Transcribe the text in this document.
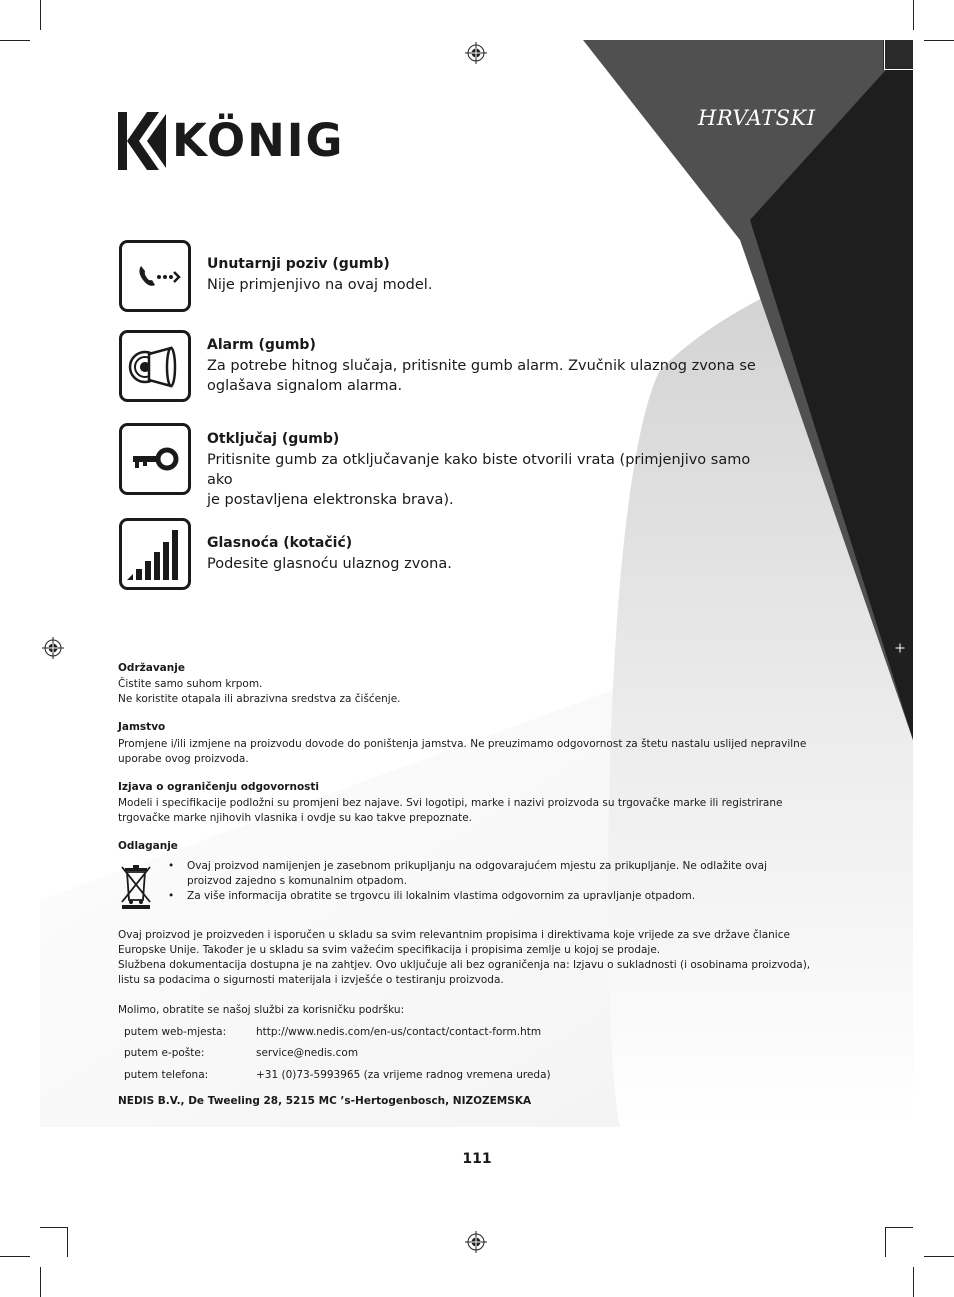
KÖNIG	HRVATSKI
Unutarnji poziv (gumb)
Nije primjenjivo na ovaj model.
Alarm (gumb)
Za potrebe hitnog slučaja, pritisnite gumb alarm. Zvučnik ulaznog zvona se
oglašava signalom alarma.
Otključaj (gumb)
Pritisnite gumb za otključavanje kako biste otvorili vrata (primjenjivo samo ako
je postavljena elektronska brava).
Glasnoća (kotačić)
Podesite glasnoću ulaznog zvona.
Održavanje
Čistite samo suhom krpom.
Ne koristite otapala ili abrazivna sredstva za čišćenje.
Jamstvo
Promjene i/ili izmjene na proizvodu dovode do poništenja jamstva. Ne preuzimamo odgovornost za štetu nastalu uslijed nepravilne
uporabe ovog proizvoda.
Izjava o ograničenju odgovornosti
Modeli i specifikacije podložni su promjeni bez najave. Svi logotipi, marke i nazivi proizvoda su trgovačke marke ili registrirane
trgovačke marke njihovih vlasnika i ovdje su kao takve prepoznate.
Odlaganje
• Ovaj proizvod namijenjen je zasebnom prikupljanju na odgovarajućem mjestu za prikupljanje. Ne odlažite ovaj
proizvod zajedno s komunalnim otpadom.
• Za više informacija obratite se trgovcu ili lokalnim vlastima odgovornim za upravljanje otpadom.
Ovaj proizvod je proizveden i isporučen u skladu sa svim relevantnim propisima i direktivama koje vrijede za sve države članice
Europske Unije. Također je u skladu sa svim važećim specifikacija i propisima zemlje u kojoj se prodaje.
Službena dokumentacija dostupna je na zahtjev. Ovo uključuje ali bez ograničenja na: Izjavu o sukladnosti (i osobinama proizvoda),
listu sa podacima o sigurnosti materijala i izvješće o testiranju proizvoda.
Molimo, obratite se našoj službi za korisničku podršku:
putem web-mjesta:	http://www.nedis.com/en-us/contact/contact-form.htm
putem e-pošte:	service@nedis.com
putem telefona:	+31 (0)73-5993965 (za vrijeme radnog vremena ureda)
NEDIS B.V., De Tweeling 28, 5215 MC ’s-Hertogenbosch, NIZOZEMSKA
111
